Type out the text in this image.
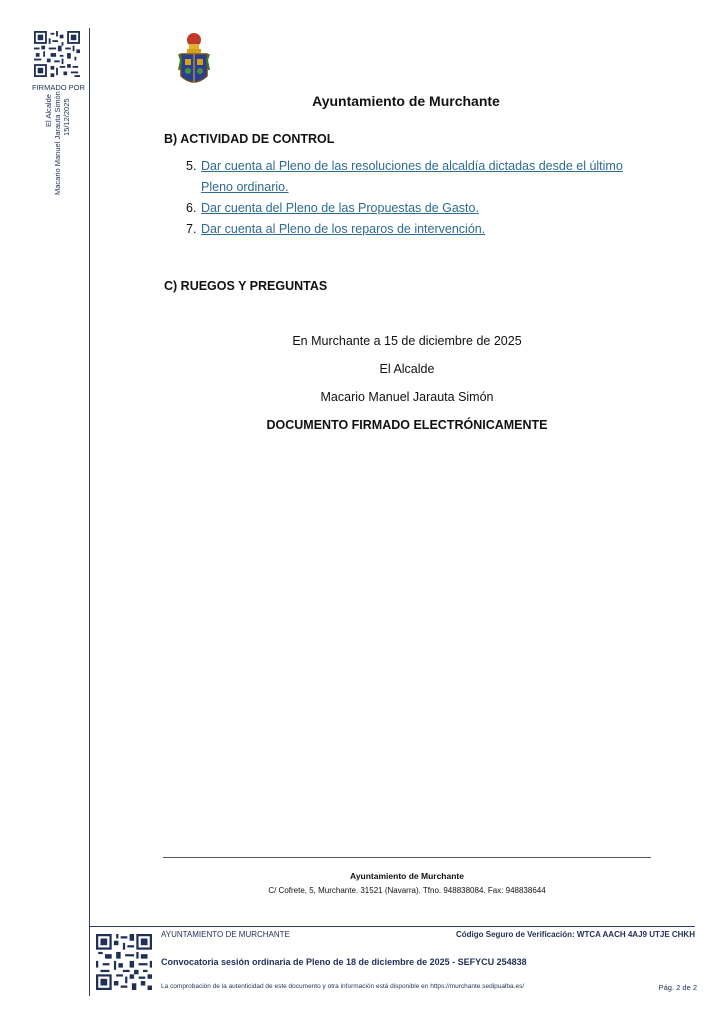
FIRMADO POR
El Alcalde Macario Manuel Jarauta Simón 15/12/2025	Ayuntamiento de Murchante
B) ACTIVIDAD DE CONTROL
5. Dar cuenta al Pleno de las resoluciones de alcaldía dictadas desde el último Pleno ordinario.
6. Dar cuenta del Pleno de las Propuestas de Gasto.
7. Dar cuenta al Pleno de los reparos de intervención.
C) RUEGOS Y PREGUNTAS
En Murchante a 15 de diciembre de 2025
El Alcalde
Macario Manuel Jarauta Simón
DOCUMENTO FIRMADO ELECTRÓNICAMENTE
Ayuntamiento de Murchante
C/ Cofrete, 5, Murchante. 31521 (Navarra). Tfno. 948838084. Fax: 948838644
AYUNTAMIENTO DE MURCHANTE	Código Seguro de Verificación: WTCA AACH 4AJ9 UTJE CHKH
Convocatoria sesión ordinaria de Pleno de 18 de diciembre de 2025 - SEFYCU 254838
La comprobación de la autenticidad de este documento y otra información está disponible en https://murchante.sedipualba.es/	Pág. 2 de 2
